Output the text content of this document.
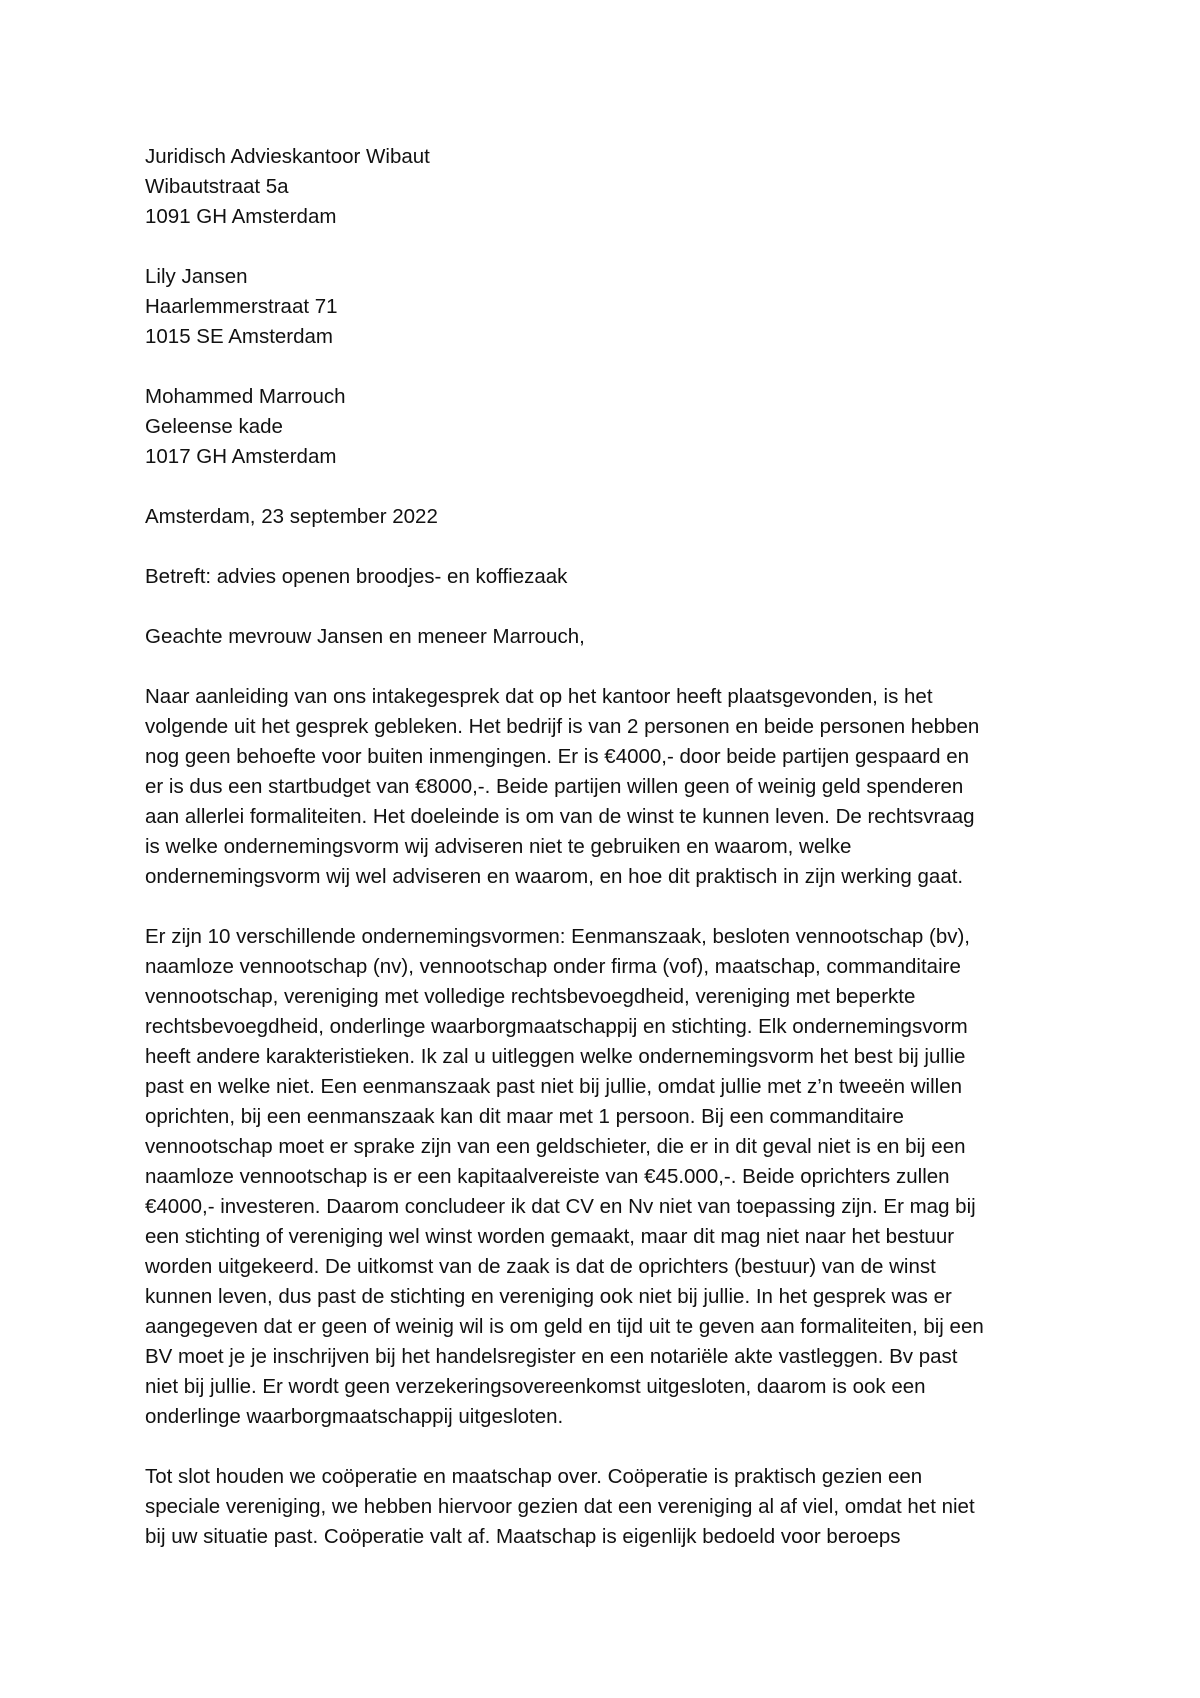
Juridisch Advieskantoor Wibaut
Wibautstraat 5a
1091 GH Amsterdam
Lily Jansen
Haarlemmerstraat 71
1015 SE Amsterdam
Mohammed Marrouch
Geleense kade
1017 GH Amsterdam
Amsterdam, 23 september 2022
Betreft: advies openen broodjes- en koffiezaak
Geachte mevrouw Jansen en meneer Marrouch,

Naar aanleiding van ons intakegesprek dat op het kantoor heeft plaatsgevonden, is het
volgende uit het gesprek gebleken. Het bedrijf is van 2 personen en beide personen hebben
nog geen behoefte voor buiten inmengingen. Er is €4000,- door beide partijen gespaard en
er is dus een startbudget van €8000,-. Beide partijen willen geen of weinig geld spenderen
aan allerlei formaliteiten. Het doeleinde is om van de winst te kunnen leven. De rechtsvraag
is welke ondernemingsvorm wij adviseren niet te gebruiken en waarom, welke
ondernemingsvorm wij wel adviseren en waarom, en hoe dit praktisch in zijn werking gaat.

Er zijn 10 verschillende ondernemingsvormen: Eenmanszaak, besloten vennootschap (bv),
naamloze vennootschap (nv), vennootschap onder firma (vof), maatschap, commanditaire
vennootschap, vereniging met volledige rechtsbevoegdheid, vereniging met beperkte
rechtsbevoegdheid, onderlinge waarborgmaatschappij en stichting. Elk ondernemingsvorm
heeft andere karakteristieken. Ik zal u uitleggen welke ondernemingsvorm het best bij jullie
past en welke niet. Een eenmanszaak past niet bij jullie, omdat jullie met z’n tweeën willen
oprichten, bij een eenmanszaak kan dit maar met 1 persoon. Bij een commanditaire
vennootschap moet er sprake zijn van een geldschieter, die er in dit geval niet is en bij een
naamloze vennootschap is er een kapitaalvereiste van €45.000,-. Beide oprichters zullen
€4000,- investeren. Daarom concludeer ik dat CV en Nv niet van toepassing zijn. Er mag bij
een stichting of vereniging wel winst worden gemaakt, maar dit mag niet naar het bestuur
worden uitgekeerd. De uitkomst van de zaak is dat de oprichters (bestuur) van de winst
kunnen leven, dus past de stichting en vereniging ook niet bij jullie. In het gesprek was er
aangegeven dat er geen of weinig wil is om geld en tijd uit te geven aan formaliteiten, bij een
BV moet je je inschrijven bij het handelsregister en een notariële akte vastleggen. Bv past
niet bij jullie. Er wordt geen verzekeringsovereenkomst uitgesloten, daarom is ook een
onderlinge waarborgmaatschappij uitgesloten.

Tot slot houden we coöperatie en maatschap over. Coöperatie is praktisch gezien een
speciale vereniging, we hebben hiervoor gezien dat een vereniging al af viel, omdat het niet
bij uw situatie past. Coöperatie valt af. Maatschap is eigenlijk bedoeld voor beroeps
